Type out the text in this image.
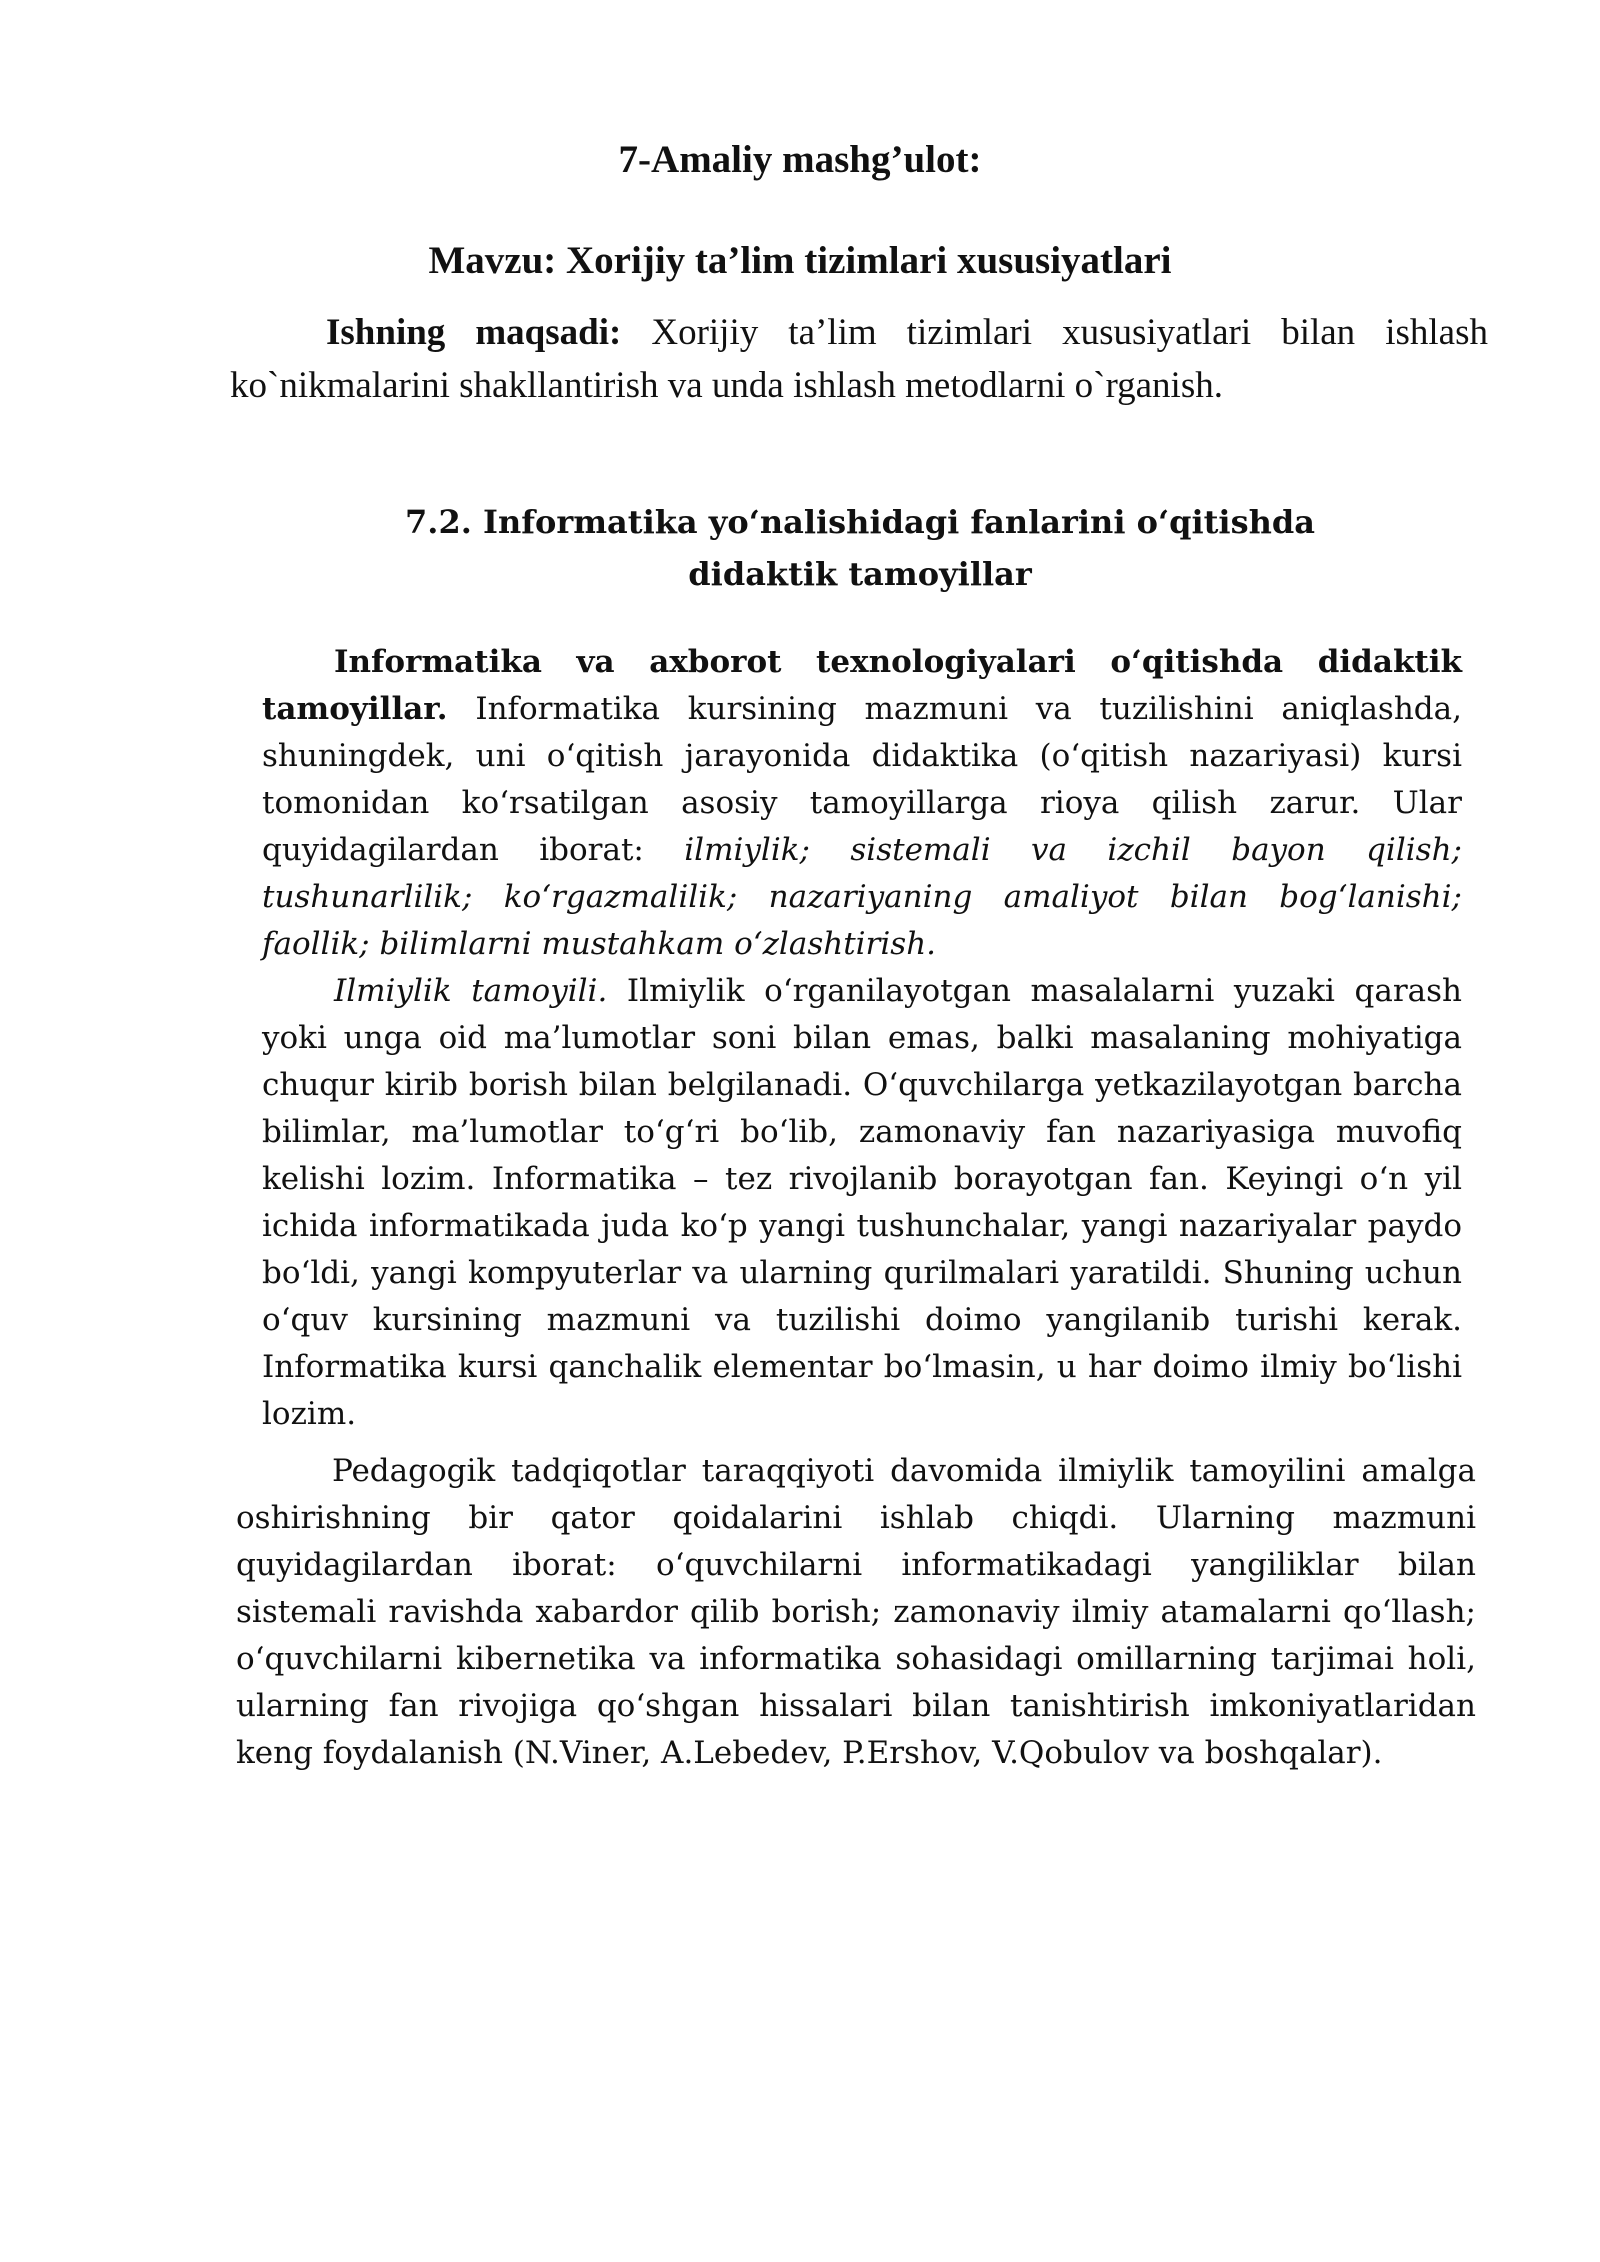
7-Amaliy mashg’ulot:
Mavzu: Xorijiy ta’lim tizimlari xususiyatlari

Ishning maqsadi: Xorijiy ta’lim tizimlari xususiyatlari bilan ishlash ko`nikmalarini shakllantirish va unda ishlash metodlarni o`rganish.

7.2. Informatika yo‘nalishidagi fanlarini o‘qitishda
didaktik tamoyillar

Informatika va axborot texnologiyalari o‘qitishda didaktik tamoyillar. Informatika kursining mazmuni va tuzilishini aniqlashda, shuningdek, uni o‘qitish jarayonida didaktika (o‘qitish nazariyasi) kursi tomonidan ko‘rsatilgan asosiy tamoyillarga rioya qilish zarur. Ular quyidagilardan iborat: ilmiylik; sistemali va izchil bayon qilish; tushunarlilik; ko‘rgazmalilik; nazariyaning amaliyot bilan bog‘lanishi; faollik; bilimlarni mustahkam o‘zlashtirish.

Ilmiylik tamoyili. Ilmiylik o‘rganilayotgan masalalarni yuzaki qarash yoki unga oid ma’lumotlar soni bilan emas, balki masalaning mohiyatiga chuqur kirib borish bilan belgilanadi. O‘quvchilarga yetkazilayotgan barcha bilimlar, ma’lumotlar to‘g‘ri bo‘lib, zamonaviy fan nazariyasiga muvofiq kelishi lozim. Informatika – tez rivojlanib borayotgan fan. Keyingi o‘n yil ichida informatikada juda ko‘p yangi tushunchalar, yangi nazariyalar paydo bo‘ldi, yangi kompyuterlar va ularning qurilmalari yaratildi. Shuning uchun o‘quv kursining mazmuni va tuzilishi doimo yangilanib turishi kerak. Informatika kursi qanchalik elementar bo‘lmasin, u har doimo ilmiy bo‘lishi lozim.

Pedagogik tadqiqotlar taraqqiyoti davomida ilmiylik tamoyilini amalga oshirishning bir qator qoidalarini ishlab chiqdi. Ularning mazmuni quyidagilardan iborat: o‘quvchilarni informatikadagi yangiliklar bilan sistemali ravishda xabardor qilib borish; zamonaviy ilmiy atamalarni qo‘llash; o‘quvchilarni kibernetika va informatika sohasidagi omillarning tarjimai holi, ularning fan rivojiga qo‘shgan hissalari bilan tanishtirish imkoniyatlaridan keng foydalanish (N.Viner, A.Lebedev, P.Ershov, V.Qobulov va boshqalar).
